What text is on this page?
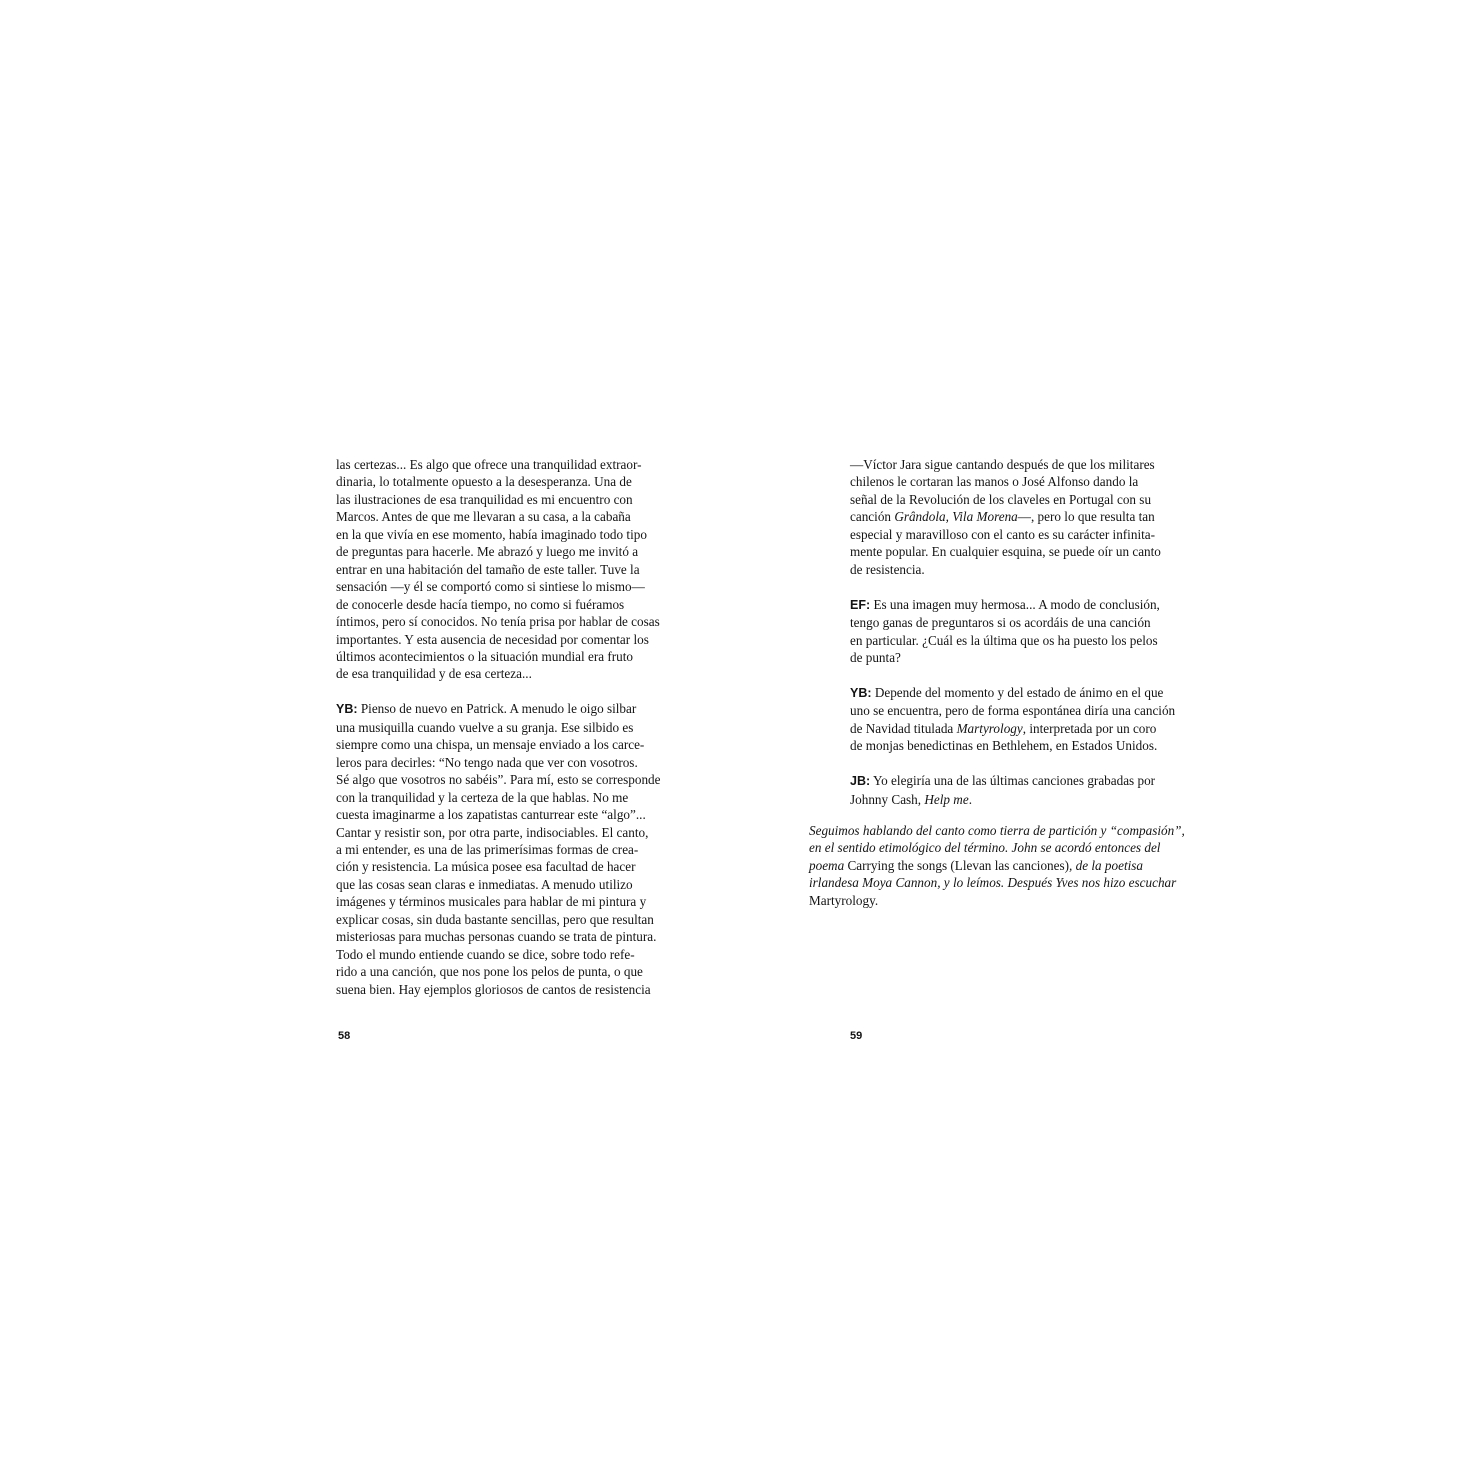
las certezas... Es algo que ofrece una tranquilidad extraor-
dinaria, lo totalmente opuesto a la desesperanza. Una de
las ilustraciones de esa tranquilidad es mi encuentro con
Marcos. Antes de que me llevaran a su casa, a la cabaña
en la que vivía en ese momento, había imaginado todo tipo
de preguntas para hacerle. Me abrazó y luego me invitó a
entrar en una habitación del tamaño de este taller. Tuve la
sensación —y él se comportó como si sintiese lo mismo—
de conocerle desde hacía tiempo, no como si fuéramos
íntimos, pero sí conocidos. No tenía prisa por hablar de cosas
importantes. Y esta ausencia de necesidad por comentar los
últimos acontecimientos o la situación mundial era fruto
de esa tranquilidad y de esa certeza...
YB: Pienso de nuevo en Patrick. A menudo le oigo silbar
una musiquilla cuando vuelve a su granja. Ese silbido es
siempre como una chispa, un mensaje enviado a los carce-
leros para decirles: “No tengo nada que ver con vosotros.
Sé algo que vosotros no sabéis”. Para mí, esto se corresponde
con la tranquilidad y la certeza de la que hablas. No me
cuesta imaginarme a los zapatistas canturrear este “algo”...
Cantar y resistir son, por otra parte, indisociables. El canto,
a mi entender, es una de las primerísimas formas de crea-
ción y resistencia. La música posee esa facultad de hacer
que las cosas sean claras e inmediatas. A menudo utilizo
imágenes y términos musicales para hablar de mi pintura y
explicar cosas, sin duda bastante sencillas, pero que resultan
misteriosas para muchas personas cuando se trata de pintura.
Todo el mundo entiende cuando se dice, sobre todo refe-
rido a una canción, que nos pone los pelos de punta, o que
suena bien. Hay ejemplos gloriosos de cantos de resistencia
58
—Víctor Jara sigue cantando después de que los militares
chilenos le cortaran las manos o José Alfonso dando la
señal de la Revolución de los claveles en Portugal con su
canción Grândola, Vila Morena—, pero lo que resulta tan
especial y maravilloso con el canto es su carácter infinita-
mente popular. En cualquier esquina, se puede oír un canto
de resistencia.
EF: Es una imagen muy hermosa... A modo de conclusión,
tengo ganas de preguntaros si os acordáis de una canción
en particular. ¿Cuál es la última que os ha puesto los pelos
de punta?
YB: Depende del momento y del estado de ánimo en el que
uno se encuentra, pero de forma espontánea diría una canción
de Navidad titulada Martyrology, interpretada por un coro
de monjas benedictinas en Bethlehem, en Estados Unidos.
JB: Yo elegiría una de las últimas canciones grabadas por
Johnny Cash, Help me.
Seguimos hablando del canto como tierra de partición y “compasión”,
en el sentido etimológico del término. John se acordó entonces del
poema Carrying the songs (Llevan las canciones), de la poetisa
irlandesa Moya Cannon, y lo leímos. Después Yves nos hizo escuchar
Martyrology.
59
